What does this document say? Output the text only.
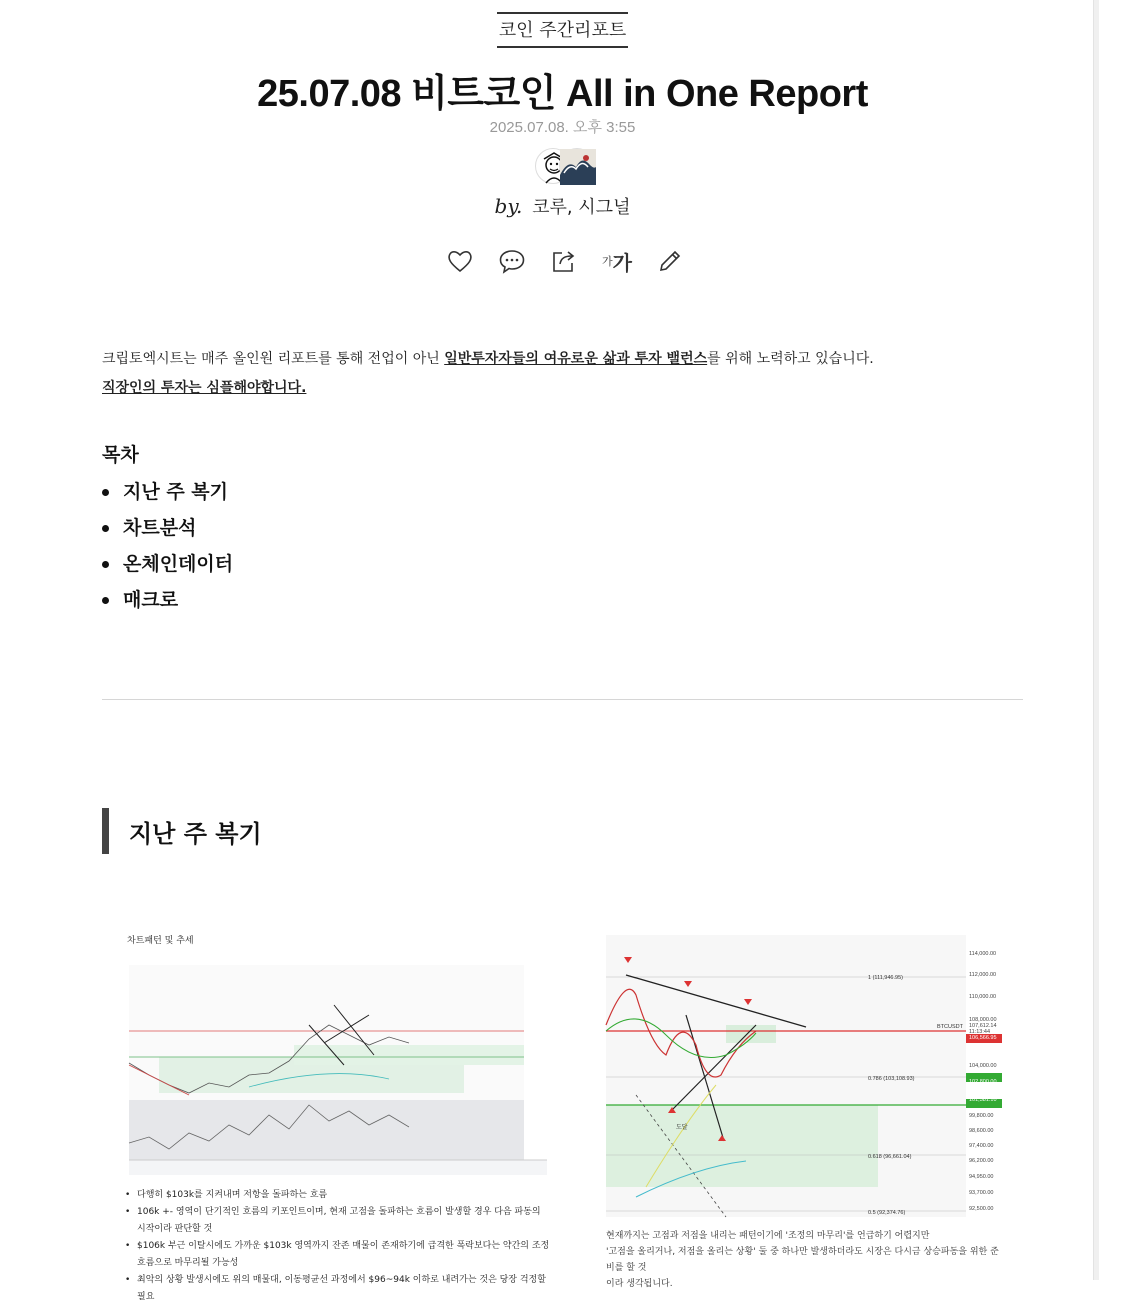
코인 주간리포트
25.07.08 비트코인 All in One Report
2025.07.08. 오후 3:55
by. 코루, 시그널
가 가
크립토엑시트는 매주 올인원 리포트를 통해 전업이 아닌 일반투자자들의 여유로운 삶과 투자 밸런스를 위해 노력하고 있습니다.
직장인의 투자는 심플해야합니다.
목차
지난 주 복기
차트분석
온체인데이터
매크로
지난 주 복기
차트패턴 및 추세
• 다행히 $103k를 지켜내며 저항을 돌파하는 흐름
• 106k +- 영역이 단기적인 흐름의 키포인트이며, 현재 고점을 돌파하는 흐름이 발생할 경우 다음 파동의 시작이라 판단할 것
• $106k 부근 이탈시에도 가까운 $103k 영역까지 잔존 매물이 존재하기에 급격한 폭락보다는 약간의 조정흐름으로 마무리될 가능성
• 최악의 상황 발생시에도 위의 매물대, 이동평균선 과정에서 $96~94k 이하로 내려가는 것은 당장 걱정할 필요
114,000.00
112,000.00
110,000.00
108,000.00
107,612.14
106,566.95
104,000.00
102,800.00
101,381.10
99,800.00
98,600.00
97,400.00
96,200.00
94,950.00
93,700.00
92,500.00
1 (111,946.95)
0.786 (103,108.93)
0.618 (96,661.04)
0.5 (92,374.76)
BTCUSDT
11:13:44
도달
현재까지는 고점과 저점을 내리는 패턴이기에 '조정의 마무리'를 언급하기 어렵지만
'고점을 올리거나, 저점을 올리는 상황' 둘 중 하나만 발생하더라도 시장은 다시금 상승파동을 위한 준비를 할 것
이라 생각됩니다.
